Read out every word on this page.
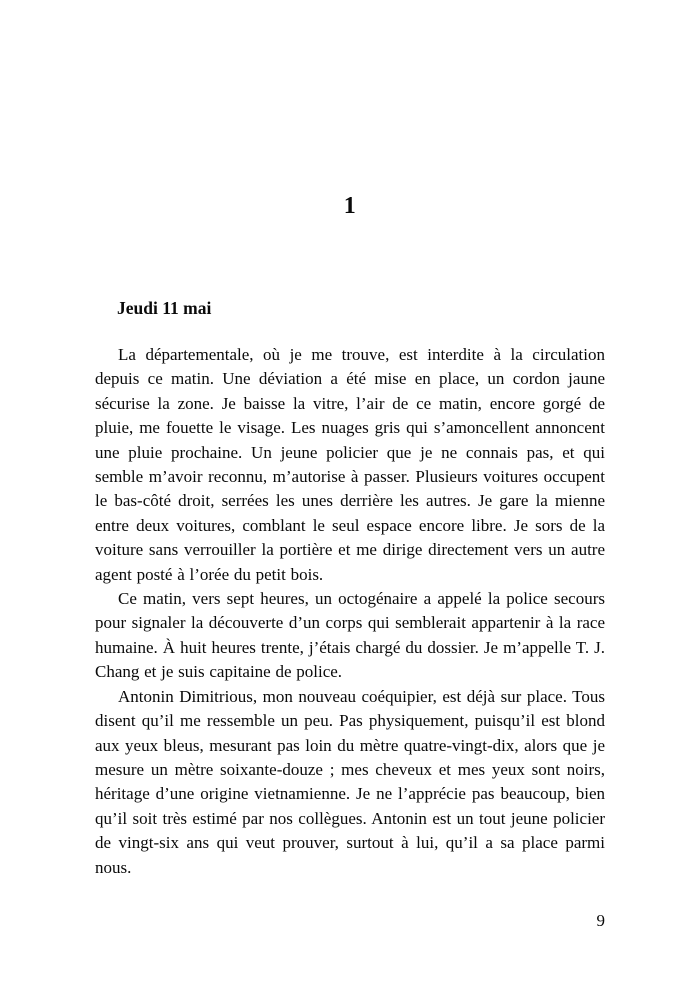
1
Jeudi 11 mai

La départementale, où je me trouve, est interdite à la circulation depuis ce matin. Une déviation a été mise en place, un cordon jaune sécurise la zone. Je baisse la vitre, l’air de ce matin, encore gorgé de pluie, me fouette le visage. Les nuages gris qui s’amoncellent annoncent une pluie prochaine. Un jeune policier que je ne connais pas, et qui semble m’avoir reconnu, m’autorise à passer. Plusieurs voitures occupent le bas-côté droit, serrées les unes derrière les autres. Je gare la mienne entre deux voitures, comblant le seul espace encore libre. Je sors de la voiture sans verrouiller la portière et me dirige directement vers un autre agent posté à l’orée du petit bois.

Ce matin, vers sept heures, un octogénaire a appelé la police secours pour signaler la découverte d’un corps qui semblerait appartenir à la race humaine. À huit heures trente, j’étais chargé du dossier. Je m’appelle T. J. Chang et je suis capitaine de police.

Antonin Dimitrious, mon nouveau coéquipier, est déjà sur place. Tous disent qu’il me ressemble un peu. Pas physiquement, puisqu’il est blond aux yeux bleus, mesurant pas loin du mètre quatre-vingt-dix, alors que je mesure un mètre soixante-douze ; mes cheveux et mes yeux sont noirs, héritage d’une origine vietnamienne. Je ne l’apprécie pas beaucoup, bien qu’il soit très estimé par nos collègues. Antonin est un tout jeune policier de vingt-six ans qui veut prouver, surtout à lui, qu’il a sa place parmi nous.

9
